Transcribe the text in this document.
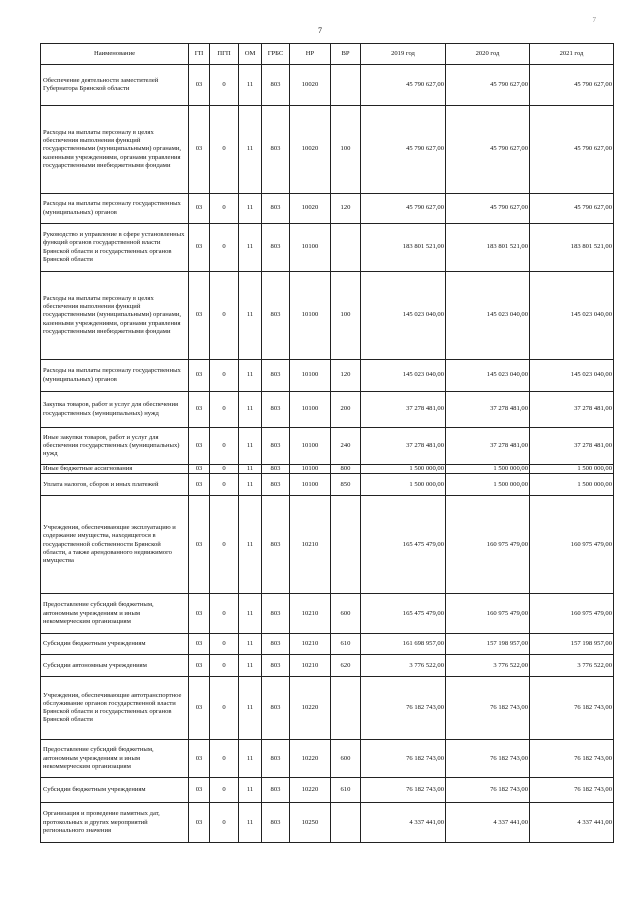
7
7
Наименование	ГП	ПГП	ОМ	ГРБС	НР	ВР	2019 год	2020 год	2021 год
Обеспечение деятельности заместителей Губернатора Брянской области	03	0	11	803	10020		45 790 627,00	45 790 627,00	45 790 627,00
Расходы на выплаты персоналу в целях обеспечения выполнения функций государственными (муниципальными) органами, казенными учреждениями, органами управления государственными внебюджетными фондами	03	0	11	803	10020	100	45 790 627,00	45 790 627,00	45 790 627,00
Расходы на выплаты персоналу государственных (муниципальных) органов	03	0	11	803	10020	120	45 790 627,00	45 790 627,00	45 790 627,00
Руководство и управление в сфере установленных функций органов государственной власти Брянской области и государственных органов Брянской области	03	0	11	803	10100		183 801 521,00	183 801 521,00	183 801 521,00
Расходы на выплаты персоналу в целях обеспечения выполнения функций государственными (муниципальными) органами, казенными учреждениями, органами управления государственными внебюджетными фондами	03	0	11	803	10100	100	145 023 040,00	145 023 040,00	145 023 040,00
Расходы на выплаты персоналу государственных (муниципальных) органов	03	0	11	803	10100	120	145 023 040,00	145 023 040,00	145 023 040,00
Закупка товаров, работ и услуг для обеспечения государственных (муниципальных) нужд	03	0	11	803	10100	200	37 278 481,00	37 278 481,00	37 278 481,00
Иные закупки товаров, работ и услуг для обеспечения государственных (муниципальных) нужд	03	0	11	803	10100	240	37 278 481,00	37 278 481,00	37 278 481,00
Иные бюджетные ассигнования	03	0	11	803	10100	800	1 500 000,00	1 500 000,00	1 500 000,00
Уплата налогов, сборов и иных платежей	03	0	11	803	10100	850	1 500 000,00	1 500 000,00	1 500 000,00
Учреждения, обеспечивающие эксплуатацию и содержание имущества, находящегося в государственной собственности Брянской области, а также арендованного недвижимого имущества	03	0	11	803	10210		165 475 479,00	160 975 479,00	160 975 479,00
Предоставление субсидий бюджетным, автономным учреждениям и иным некоммерческим организациям	03	0	11	803	10210	600	165 475 479,00	160 975 479,00	160 975 479,00
Субсидии бюджетным учреждениям	03	0	11	803	10210	610	161 698 957,00	157 198 957,00	157 198 957,00
Субсидии автономным учреждениям	03	0	11	803	10210	620	3 776 522,00	3 776 522,00	3 776 522,00
Учреждения, обеспечивающие автотранспортное обслуживание органов государственной власти Брянской области и государственных органов Брянской области	03	0	11	803	10220		76 182 743,00	76 182 743,00	76 182 743,00
Предоставление субсидий бюджетным, автономным учреждениям и иным некоммерческим организациям	03	0	11	803	10220	600	76 182 743,00	76 182 743,00	76 182 743,00
Субсидии бюджетным учреждениям	03	0	11	803	10220	610	76 182 743,00	76 182 743,00	76 182 743,00
Организация и проведение памятных дат, протокольных и других мероприятий регионального значения	03	0	11	803	10250		4 337 441,00	4 337 441,00	4 337 441,00
